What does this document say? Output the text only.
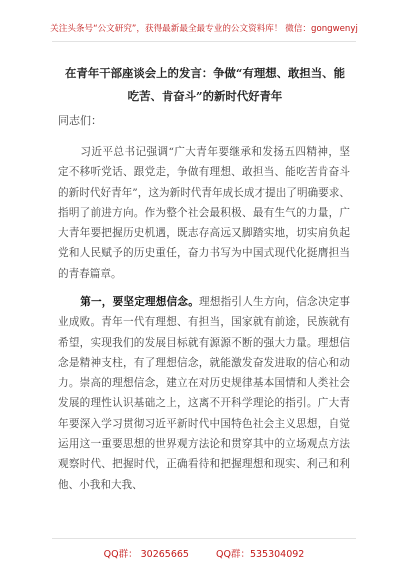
关注头条号“公文研究”，获得最新最全最专业的公文资料库！ 微信：gongwenyj
在青年干部座谈会上的发言：争做“有理想、敢担当、能
吃苦、肯奋斗”的新时代好青年
同志们：
习近平总书记强调“广大青年要继承和发扬五四精神，坚定不移听党话、跟党走，争做有理想、敢担当、能吃苦肯奋斗的新时代好青年”，这为新时代青年成长成才提出了明确要求、指明了前进方向。作为整个社会最积极、最有生气的力量，广大青年要把握历史机遇，既志存高远又脚踏实地，切实肩负起党和人民赋予的历史重任，奋力书写为中国式现代化挺膺担当的青春篇章。
第一，要坚定理想信念。理想指引人生方向，信念决定事业成败。青年一代有理想、有担当，国家就有前途，民族就有希望，实现我们的发展目标就有源源不断的强大力量。理想信念是精神支柱，有了理想信念，就能激发奋发进取的信心和动力。崇高的理想信念，建立在对历史规律基本国情和人类社会发展的理性认识基础之上，这离不开科学理论的指引。广大青年要深入学习贯彻习近平新时代中国特色社会主义思想，自觉运用这一重要思想的世界观方法论和贯穿其中的立场观点方法观察时代、把握时代，正确看待和把握理想和现实、利己和利他、小我和大我、
QQ群： 30265665	QQ群：535304092
